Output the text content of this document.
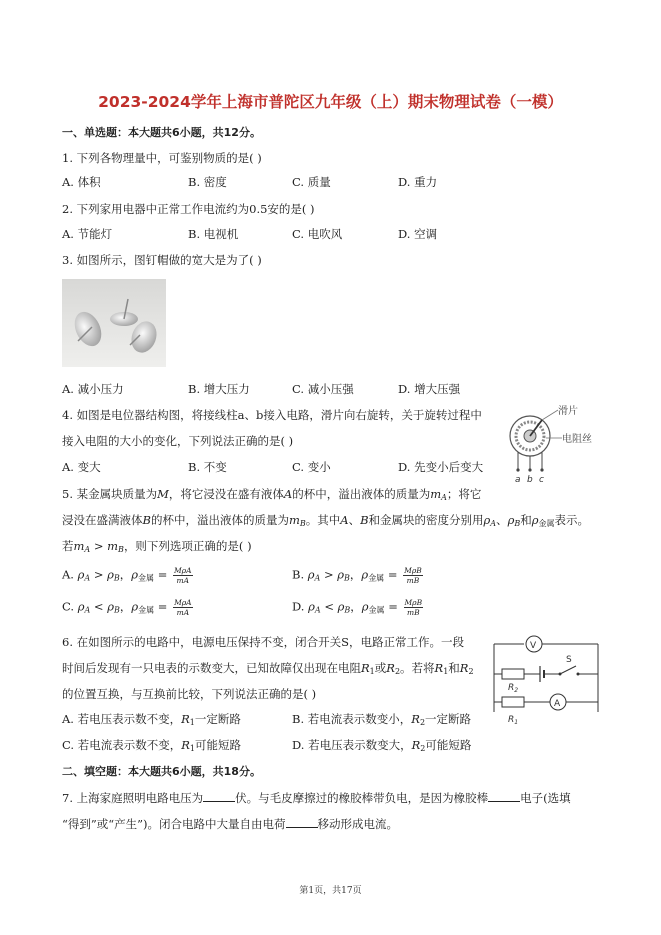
2023-2024学年上海市普陀区九年级（上）期末物理试卷（一模）
一、单选题：本大题共6小题，共12分。
1. 下列各物理量中，可鉴别物质的是( )
A. 体积	B. 密度	C. 质量	D. 重力
2. 下列家用电器中正常工作电流约为0.5安的是( )
A. 节能灯	B. 电视机	C. 电吹风	D. 空调
3. 如图所示，图钉帽做的宽大是为了( )
A. 减小压力	B. 增大压力	C. 减小压强	D. 增大压强
4. 如图是电位器结构图，将接线柱a、b接入电路，滑片向右旋转，关于旋转过程中
接入电阻的大小的变化，下列说法正确的是( )
A. 变大	B. 不变	C. 变小	D. 先变小后变大
滑片
电阻丝
a b c
5. 某金属块质量为M，将它浸没在盛有液体A的杯中，溢出液体的质量为$m_A$；将它
浸没在盛满液体B的杯中，溢出液体的质量为$m_B$。其中A、B和金属块的密度分别用$\rho_A$、$\rho_B$和$\rho_{金属}$表示。
若$m_A > m_B$，则下列选项正确的是( )
A. $\rho_A > \rho_B$，$\rho_{金属} = \frac{\text{MρA}}{mA}$	B. $\rho_A > \rho_B$，$\rho_{金属} = \frac{\text{MρB}}{mB}$
C. $\rho_A < \rho_B$，$\rho_{金属} = \frac{\text{MρA}}{mA}$	D. $\rho_A < \rho_B$，$\rho_{金属} = \frac{\text{MρB}}{mB}$
6. 在如图所示的电路中，电源电压保持不变，闭合开关S，电路正常工作。一段
时间后发现有一只电表的示数变大，已知故障仅出现在电阻$R_1$或$R_2$。若将$R_1$和$R_2$
的位置互换，与互换前比较，下列说法正确的是( )
A. 若电压表示数不变，$R_1$一定断路	B. 若电流表示数变小，$R_2$一定断路
C. 若电流表示数不变，$R_1$可能短路	D. 若电压表示数变大，$R_2$可能短路
V
S
$R_2$
A
$R_1$
二、填空题：本大题共6小题，共18分。
7. 上海家庭照明电路电压为	伏。与毛皮摩擦过的橡胶棒带负电，是因为橡胶棒	电子(选填
“得到”或“产生”)。闭合电路中大量自由电荷	移动形成电流。
第1页，共17页
